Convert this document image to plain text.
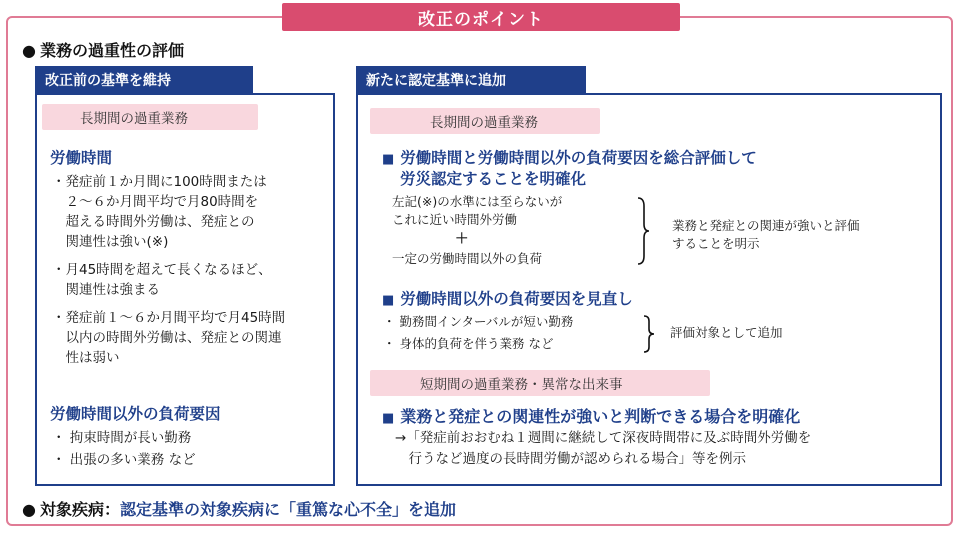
改正のポイント
● 業務の過重性の評価
改正前の基準を維持
長期間の過重業務
労働時間
・発症前１か月間に100時間または
　２～６か月間平均で月80時間を
　超える時間外労働は、発症との
　関連性は強い(※)
・月45時間を超えて長くなるほど、
　関連性は強まる
・発症前１～６か月間平均で月45時間
　以内の時間外労働は、発症との関連
　性は弱い
労働時間以外の負荷要因
・ 拘束時間が長い勤務
・ 出張の多い業務 など
新たに認定基準に追加
長期間の過重業務
■ 労働時間と労働時間以外の負荷要因を総合評価して
労災認定することを明確化
左記(※)の水準には至らないが
これに近い時間外労働
＋
一定の労働時間以外の負荷
業務と発症との関連が強いと評価
することを明示
■ 労働時間以外の負荷要因を見直し
・ 勤務間インターバルが短い勤務
・ 身体的負荷を伴う業務 など
評価対象として追加
短期間の過重業務・異常な出来事
■ 業務と発症との関連性が強いと判断できる場合を明確化
→「発症前おおむね１週間に継続して深夜時間帯に及ぶ時間外労働を
　行うなど過度の長時間労働が認められる場合」等を例示
● 対象疾病：認定基準の対象疾病に「重篤な心不全」を追加
